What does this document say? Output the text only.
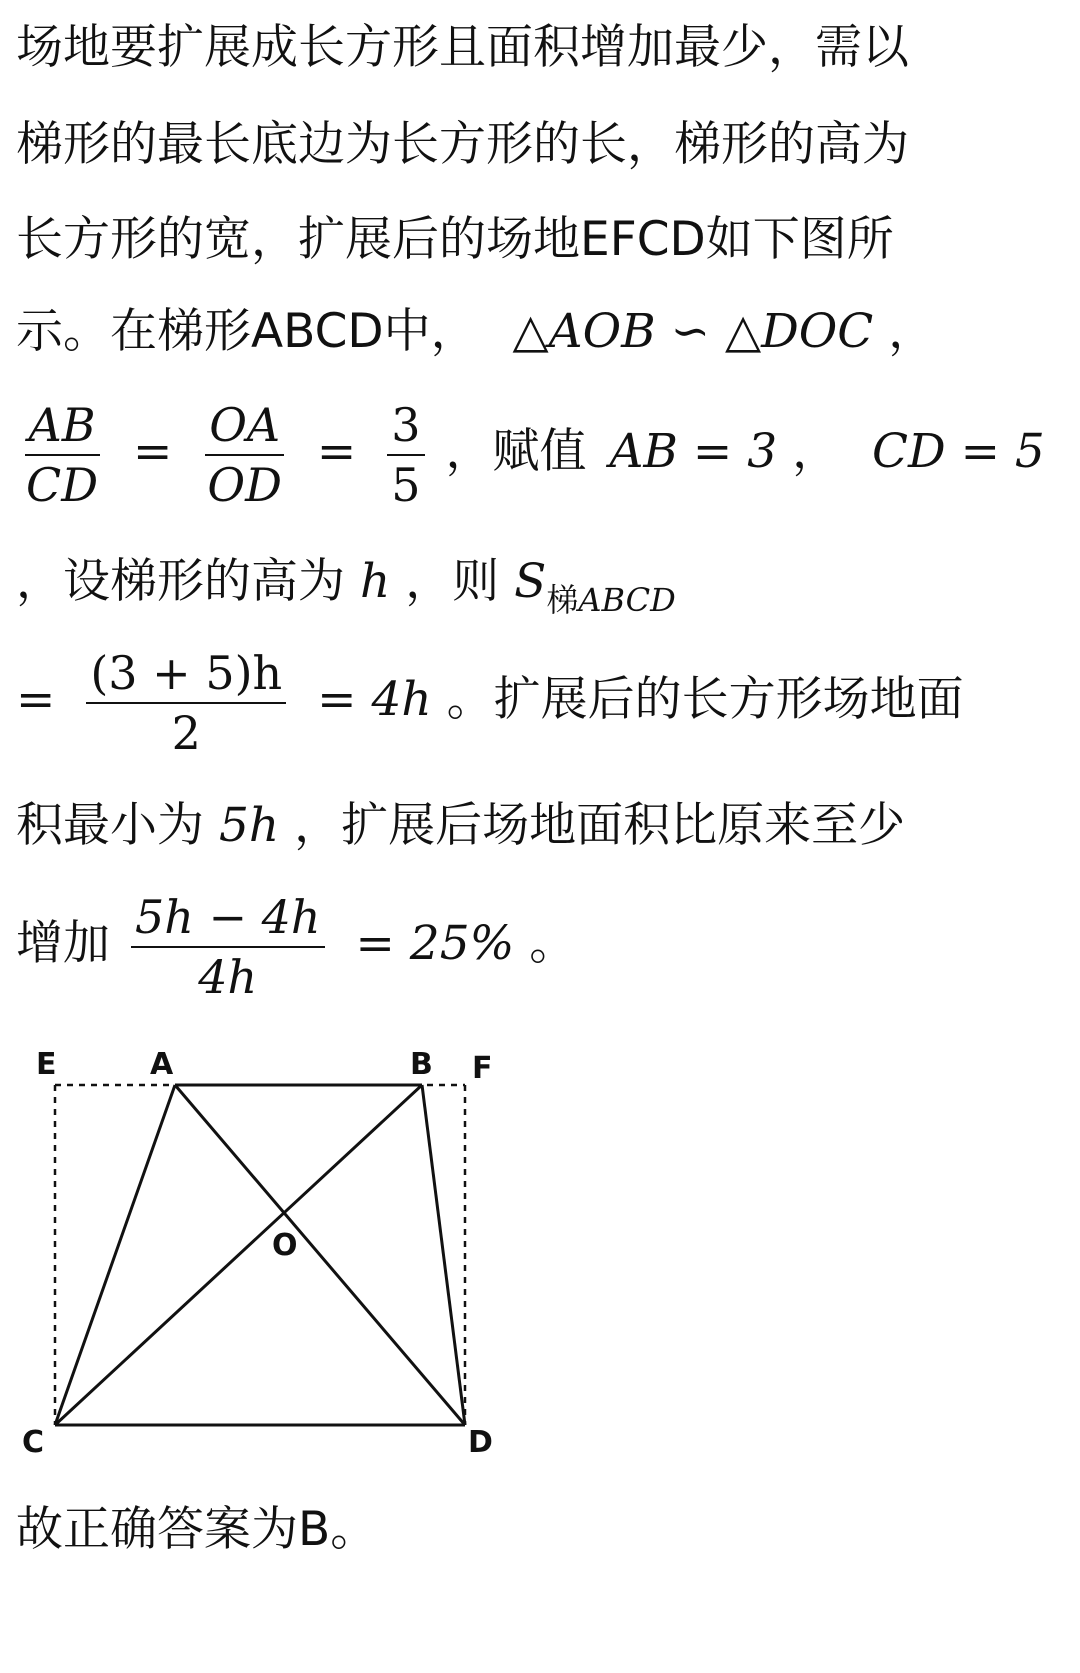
场地要扩展成长方形且面积增加最少，需以
梯形的最长底边为长方形的长，梯形的高为
长方形的宽，扩展后的场地EFCD如下图所
示。在梯形ABCD中， △AOB ∽ △DOC ，
$\frac{AB}{CD} = \frac{OA}{OD} = \frac{3}{5}$ ，赋值 AB = 3 ， CD = 5
，设梯形的高为 h ，则 $S_{梯ABCD}$
= $\frac{(3 + 5)h}{2} = 4h$ 。扩展后的长方形场地面
积最小为 5h ，扩展后场地面积比原来至少
增加 $\frac{5h - 4h}{4h} = 25\%$ 。
E	A	B F
O
C	D
故正确答案为B。
